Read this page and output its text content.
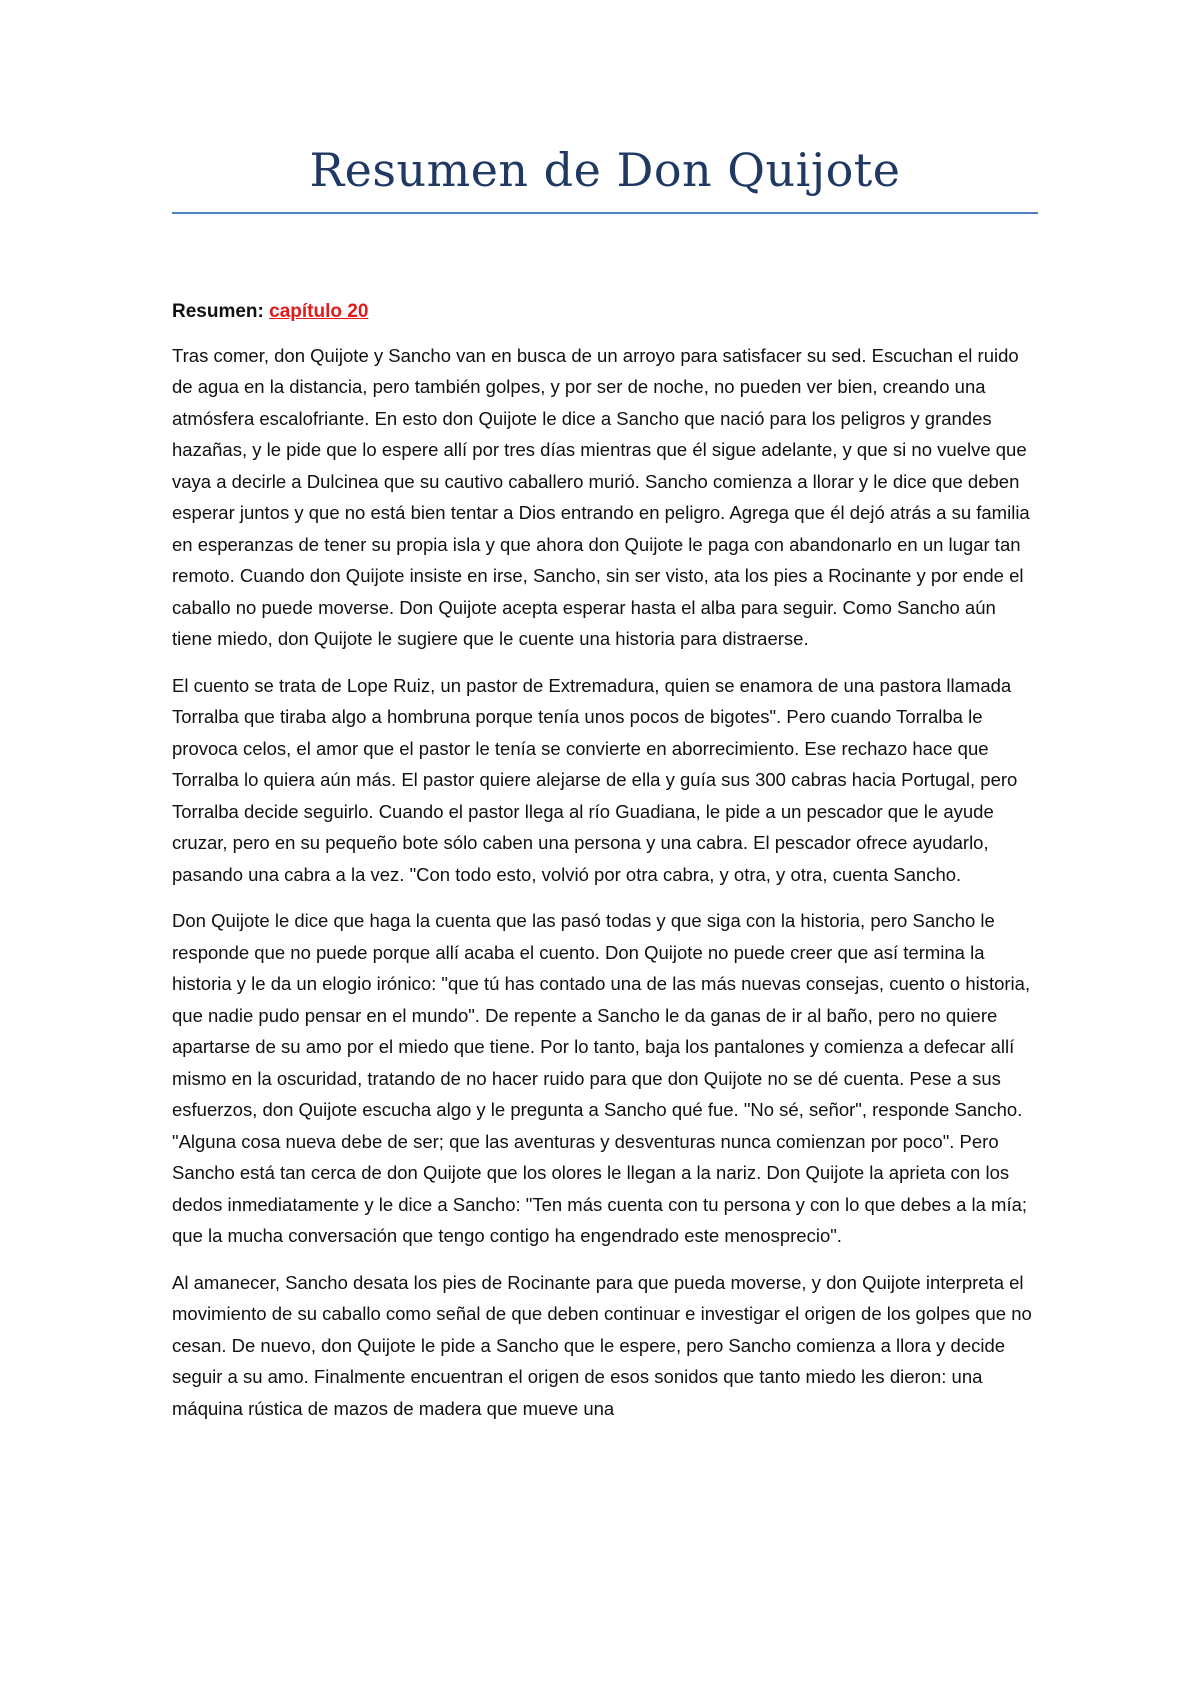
Resumen de Don Quijote

Resumen: capítulo 20

Tras comer, don Quijote y Sancho van en busca de un arroyo para satisfacer su sed. Escuchan el ruido de agua en la distancia, pero también golpes, y por ser de noche, no pueden ver bien, creando una atmósfera escalofriante. En esto don Quijote le dice a Sancho que nació para los peligros y grandes hazañas, y le pide que lo espere allí por tres días mientras que él sigue adelante, y que si no vuelve que vaya a decirle a Dulcinea que su cautivo caballero murió. Sancho comienza a llorar y le dice que deben esperar juntos y que no está bien tentar a Dios entrando en peligro. Agrega que él dejó atrás a su familia en esperanzas de tener su propia isla y que ahora don Quijote le paga con abandonarlo en un lugar tan remoto. Cuando don Quijote insiste en irse, Sancho, sin ser visto, ata los pies a Rocinante y por ende el caballo no puede moverse. Don Quijote acepta esperar hasta el alba para seguir. Como Sancho aún tiene miedo, don Quijote le sugiere que le cuente una historia para distraerse.

El cuento se trata de Lope Ruiz, un pastor de Extremadura, quien se enamora de una pastora llamada Torralba que tiraba algo a hombruna porque tenía unos pocos de bigotes". Pero cuando Torralba le provoca celos, el amor que el pastor le tenía se convierte en aborrecimiento. Ese rechazo hace que Torralba lo quiera aún más. El pastor quiere alejarse de ella y guía sus 300 cabras hacia Portugal, pero Torralba decide seguirlo. Cuando el pastor llega al río Guadiana, le pide a un pescador que le ayude cruzar, pero en su pequeño bote sólo caben una persona y una cabra. El pescador ofrece ayudarlo, pasando una cabra a la vez. "Con todo esto, volvió por otra cabra, y otra, y otra, cuenta Sancho.

Don Quijote le dice que haga la cuenta que las pasó todas y que siga con la historia, pero Sancho le responde que no puede porque allí acaba el cuento. Don Quijote no puede creer que así termina la historia y le da un elogio irónico: "que tú has contado una de las más nuevas consejas, cuento o historia, que nadie pudo pensar en el mundo". De repente a Sancho le da ganas de ir al baño, pero no quiere apartarse de su amo por el miedo que tiene. Por lo tanto, baja los pantalones y comienza a defecar allí mismo en la oscuridad, tratando de no hacer ruido para que don Quijote no se dé cuenta. Pese a sus esfuerzos, don Quijote escucha algo y le pregunta a Sancho qué fue. "No sé, señor", responde Sancho. "Alguna cosa nueva debe de ser; que las aventuras y desventuras nunca comienzan por poco". Pero Sancho está tan cerca de don Quijote que los olores le llegan a la nariz. Don Quijote la aprieta con los dedos inmediatamente y le dice a Sancho: "Ten más cuenta con tu persona y con lo que debes a la mía; que la mucha conversación que tengo contigo ha engendrado este menosprecio".

Al amanecer, Sancho desata los pies de Rocinante para que pueda moverse, y don Quijote interpreta el movimiento de su caballo como señal de que deben continuar e investigar el origen de los golpes que no cesan. De nuevo, don Quijote le pide a Sancho que le espere, pero Sancho comienza a llora y decide seguir a su amo. Finalmente encuentran el origen de esos sonidos que tanto miedo les dieron: una máquina rústica de mazos de madera que mueve una
